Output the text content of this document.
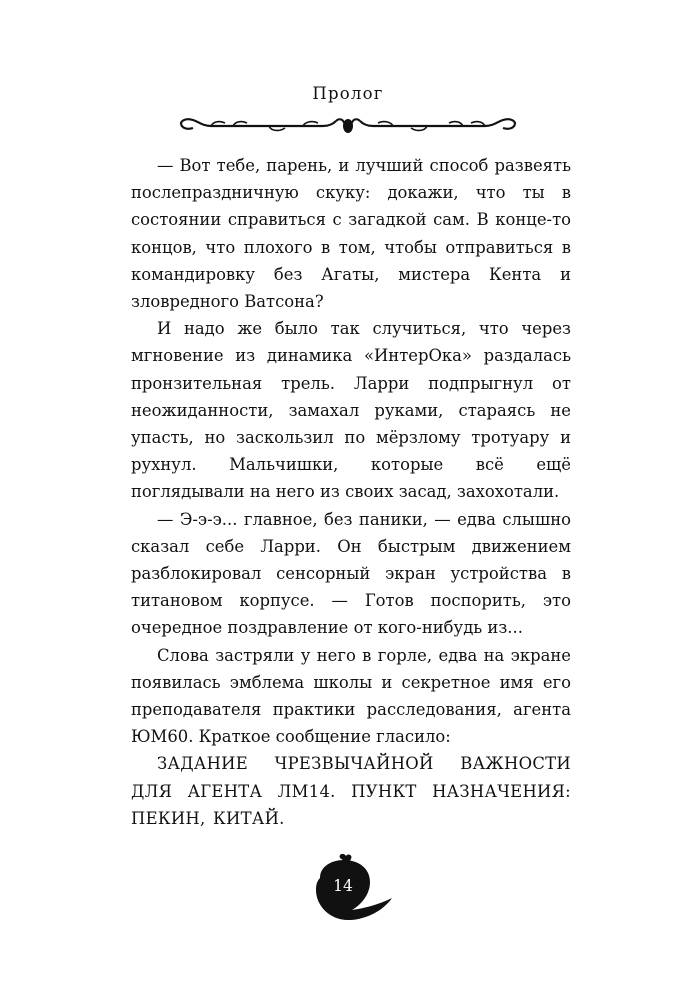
Пролог

— Вот тебе, парень, и лучший способ развеять послепраздничную скуку: докажи, что ты в состоянии справиться с загадкой сам. В конце-то концов, что плохого в том, чтобы отправиться в командировку без Агаты, мистера Кента и зловредного Ватсона?

И надо же было так случиться, что через мгновение из динамика «ИнтерОка» раздалась пронзительная трель. Ларри подпрыгнул от неожиданности, замахал руками, стараясь не упасть, но заскользил по мёрзлому тротуару и рухнул. Мальчишки, которые всё ещё поглядывали на него из своих засад, захохотали.

— Э-э-э... главное, без паники, — едва слышно сказал себе Ларри. Он быстрым движением разблокировал сенсорный экран устройства в титановом корпусе. — Готов поспорить, это очередное поздравление от кого-нибудь из...

Слова застряли у него в горле, едва на экране появилась эмблема школы и секретное имя его преподавателя практики расследования, агента ЮМ60. Краткое сообщение гласило:

ЗАДАНИЕ ЧРЕЗВЫЧАЙНОЙ ВАЖНОСТИ ДЛЯ АГЕНТА ЛМ14. ПУНКТ НАЗНАЧЕНИЯ: ПЕКИН, КИТАЙ.

14
